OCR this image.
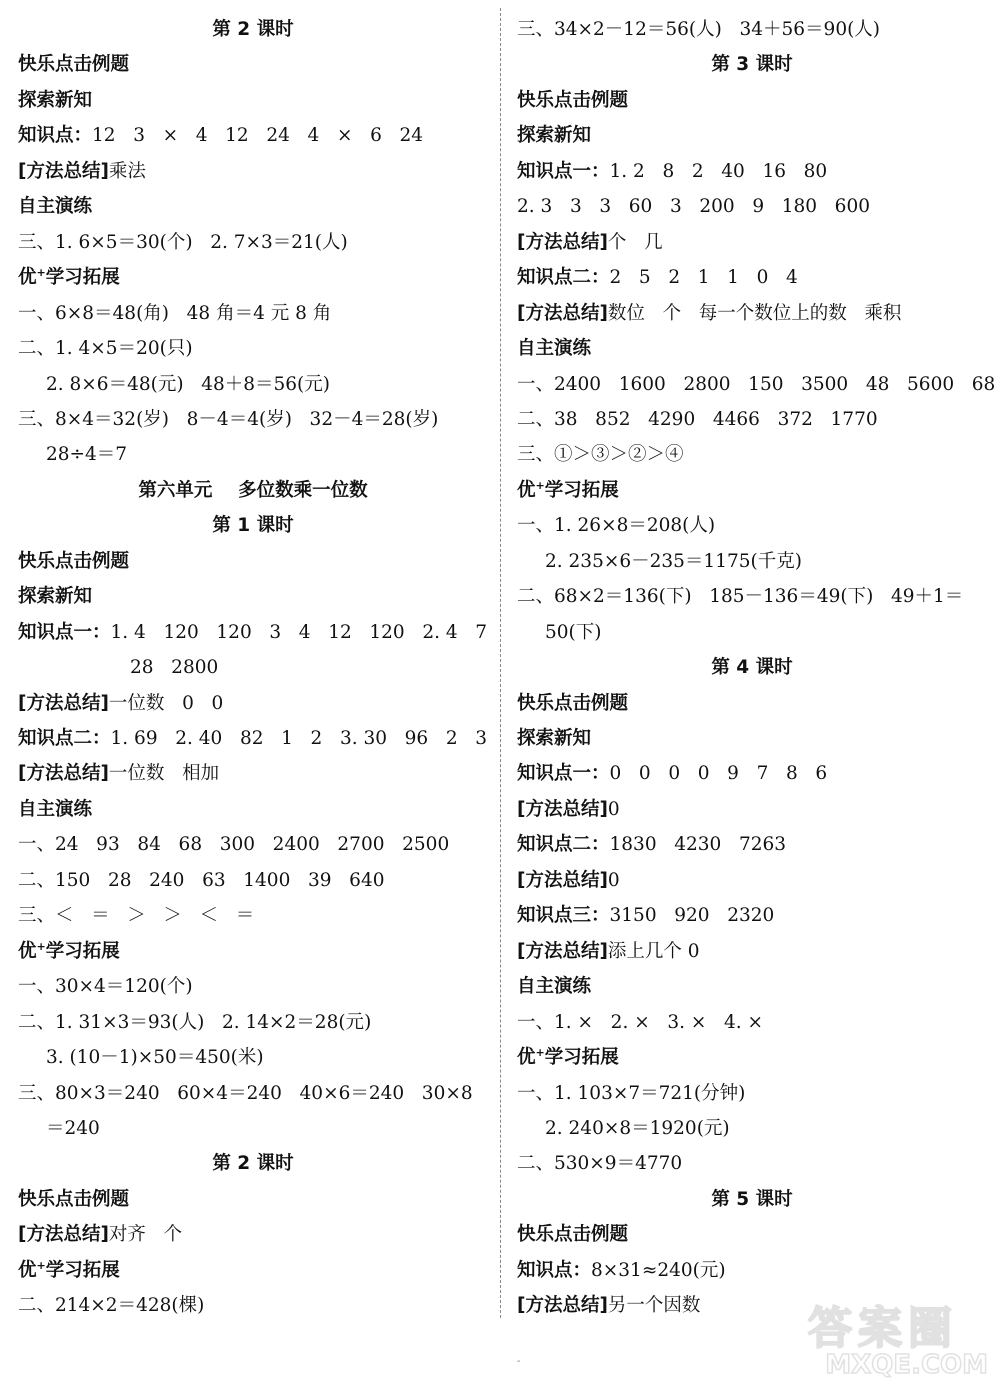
第 2 课时
快乐点击例题
探索新知
知识点：12   3   ×   4   12   24   4   ×   6   24
[方法总结]乘法
自主演练
三、1. 6×5＝30(个)   2. 7×3＝21(人)
优+学习拓展
一、6×8＝48(角)   48 角＝4 元 8 角
二、1. 4×5＝20(只)
2. 8×6＝48(元)   48＋8＝56(元)
三、8×4＝32(岁)   8－4＝4(岁)   32－4＝28(岁)
28÷4＝7
第六单元    多位数乘一位数
第 1 课时
快乐点击例题
探索新知
知识点一：1. 4   120   120   3   4   12   120   2. 4   7
28   2800
[方法总结]一位数   0   0
知识点二：1. 69   2. 40   82   1   2   3. 30   96   2   3
[方法总结]一位数   相加
自主演练
一、24   93   84   68   300   2400   2700   2500
二、150   28   240   63   1400   39   640
三、＜   ＝   ＞   ＞   ＜   ＝
优+学习拓展
一、30×4＝120(个)
二、1. 31×3＝93(人)   2. 14×2＝28(元)
3. (10－1)×50＝450(米)
三、80×3＝240   60×4＝240   40×6＝240   30×8
＝240
第 2 课时
快乐点击例题
[方法总结]对齐   个
优+学习拓展
二、214×2＝428(棵)
三、34×2－12＝56(人)   34＋56＝90(人)
第 3 课时
快乐点击例题
探索新知
知识点一：1. 2   8   2   40   16   80
2. 3   3   3   60   3   200   9   180   600
[方法总结]个   几
知识点二：2   5   2   1   1   0   4
[方法总结]数位   个   每一个数位上的数   乘积
自主演练
一、2400   1600   2800   150   3500   48   5600   68
二、38   852   4290   4466   372   1770
三、①＞③＞②＞④
优+学习拓展
一、1. 26×8＝208(人)
2. 235×6－235＝1175(千克)
二、68×2＝136(下)   185－136＝49(下)   49＋1＝
50(下)
第 4 课时
快乐点击例题
探索新知
知识点一：0   0   0   0   9   7   8   6
[方法总结]0
知识点二：1830   4230   7263
[方法总结]0
知识点三：3150   920   2320
[方法总结]添上几个 0
自主演练
一、1. ×   2. ×   3. ×   4. ×
优+学习拓展
一、1. 103×7＝721(分钟)
2. 240×8＝1920(元)
二、530×9＝4770
第 5 课时
快乐点击例题
知识点：8×31≈240(元)
[方法总结]另一个因数
-
答案圈
MXQE.COM
